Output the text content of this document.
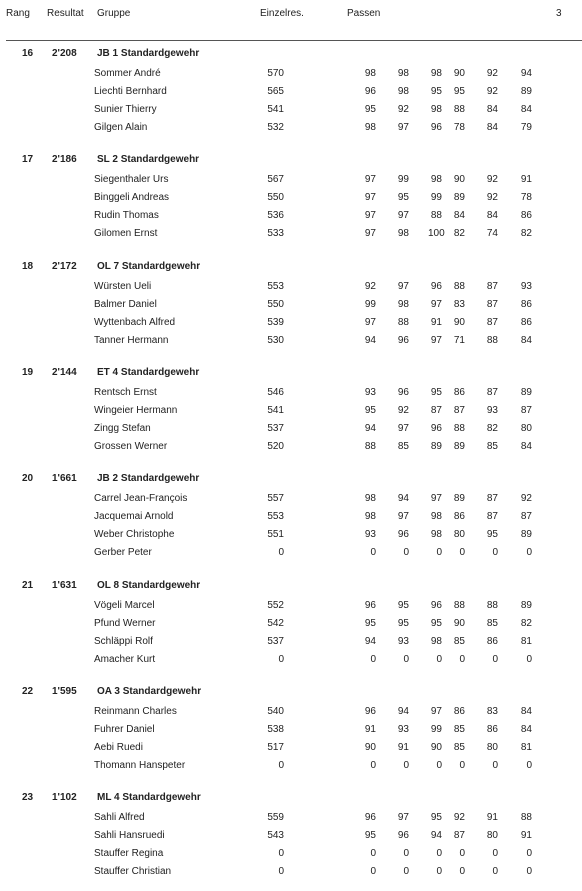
Rang Resultat Gruppe	Einzelres.	Passen	3
16 2'208 JB 1 Standardgewehr
Sommer André	570	98 98 98 90 92 94
Liechti Bernhard	565	96 98 95 95 92 89
Sunier Thierry	541	95 92 98 88 84 84
Gilgen Alain	532	98 97 96 78 84 79
17 2'186 SL 2 Standardgewehr
Siegenthaler Urs	567	97 99 98 90 92 91
Binggeli Andreas	550	97 95 99 89 92 78
Rudin Thomas	536	97 97 88 84 84 86
Gilomen Ernst	533	97 98 100 82 74 82
18 2'172 OL 7 Standardgewehr
Würsten Ueli	553	92 97 96 88 87 93
Balmer Daniel	550	99 98 97 83 87 86
Wyttenbach Alfred	539	97 88 91 90 87 86
Tanner Hermann	530	94 96 97 71 88 84
19 2'144 ET 4 Standardgewehr
Rentsch Ernst	546	93 96 95 86 87 89
Wingeier Hermann	541	95 92 87 87 93 87
Zingg Stefan	537	94 97 96 88 82 80
Grossen Werner	520	88 85 89 89 85 84
20 1'661 JB 2 Standardgewehr
Carrel Jean-François	557	98 94 97 89 87 92
Jacquemai Arnold	553	98 97 98 86 87 87
Weber Christophe	551	93 96 98 80 95 89
Gerber Peter	0	0	0	0	0	0	0
21 1'631 OL 8 Standardgewehr
Vögeli Marcel	552	96 95 96 88 88 89
Pfund Werner	542	95 95 95 90 85 82
Schläppi Rolf	537	94 93 98 85 86 81
Amacher Kurt	0	0	0	0	0	0	0
22 1'595 OA 3 Standardgewehr
Reinmann Charles	540	96 94 97 86 83 84
Fuhrer Daniel	538	91 93 99 85 86 84
Aebi Ruedi	517	90 91 90 85 80 81
Thomann Hanspeter	0	0	0	0	0	0	0
23 1'102 ML 4 Standardgewehr
Sahli Alfred	559	96 97 95 92 91 88
Sahli Hansruedi	543	95 96 94 87 80 91
Stauffer Regina	0	0	0	0	0	0	0
Stauffer Christian	0	0	0	0	0	0	0
